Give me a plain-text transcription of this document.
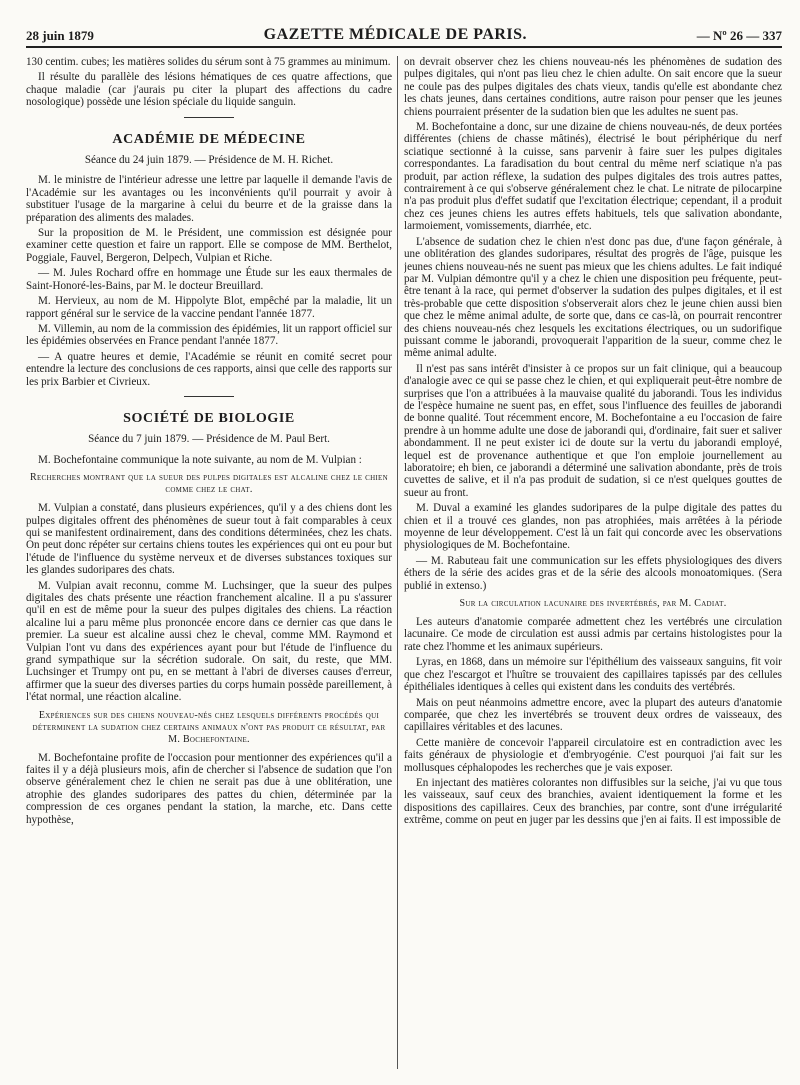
28 juin 1879	GAZETTE MÉDICALE DE PARIS.	— Nº 26 — 337

130 centim. cubes; les matières solides du sérum sont à 75 grammes au minimum.

Il résulte du parallèle des lésions hématiques de ces quatre affections, que chaque maladie (car j'aurais pu citer la plupart des affections du cadre nosologique) possède une lésion spéciale du liquide sanguin.

ACADÉMIE DE MÉDECINE

Séance du 24 juin 1879. — Présidence de M. H. Richet.

M. le ministre de l'intérieur adresse une lettre par laquelle il demande l'avis de l'Académie sur les avantages ou les inconvénients qu'il pourrait y avoir à substituer l'usage de la margarine à celui du beurre et de la graisse dans la préparation des aliments des malades.

Sur la proposition de M. le Président, une commission est désignée pour examiner cette question et faire un rapport. Elle se compose de MM. Berthelot, Poggiale, Fauvel, Bergeron, Delpech, Vulpian et Riche.

— M. Jules Rochard offre en hommage une Étude sur les eaux thermales de Saint-Honoré-les-Bains, par M. le docteur Breuillard.

M. Hervieux, au nom de M. Hippolyte Blot, empêché par la maladie, lit un rapport général sur le service de la vaccine pendant l'année 1877.

M. Villemin, au nom de la commission des épidémies, lit un rapport officiel sur les épidémies observées en France pendant l'année 1877.

— A quatre heures et demie, l'Académie se réunit en comité secret pour entendre la lecture des conclusions de ces rapports, ainsi que celle des rapports sur les prix Barbier et Civrieux.

SOCIÉTÉ DE BIOLOGIE

Séance du 7 juin 1879. — Présidence de M. Paul Bert.

M. Bochefontaine communique la note suivante, au nom de M. Vulpian :

Recherches montrant que la sueur des pulpes digitales est alcaline chez le chien comme chez le chat.

M. Vulpian a constaté, dans plusieurs expériences, qu'il y a des chiens dont les pulpes digitales offrent des phénomènes de sueur tout à fait comparables à ceux qui se manifestent ordinairement, dans des conditions déterminées, chez les chats. On peut donc répéter sur certains chiens toutes les expériences qui ont eu pour but l'étude de l'influence du système nerveux et de diverses substances toxiques sur les glandes sudoripares des chats.

M. Vulpian avait reconnu, comme M. Luchsinger, que la sueur des pulpes digitales des chats présente une réaction franchement alcaline. Il a pu s'assurer qu'il en est de même pour la sueur des pulpes digitales des chiens. La réaction alcaline lui a paru même plus prononcée encore dans ce dernier cas que dans le premier. La sueur est alcaline aussi chez le cheval, comme MM. Raymond et Vulpian l'ont vu dans des expériences ayant pour but l'étude de l'influence du grand sympathique sur la sécrétion sudorale. On sait, du reste, que MM. Luchsinger et Trumpy ont pu, en se mettant à l'abri de diverses causes d'erreur, affirmer que la sueur des diverses parties du corps humain possède pareillement, à l'état normal, une réaction alcaline.

Expériences sur des chiens nouveau-nés chez lesquels différents procédés qui déterminent la sudation chez certains animaux n'ont pas produit ce résultat, par M. Bochefontaine.

M. Bochefontaine profite de l'occasion pour mentionner des expériences qu'il a faites il y a déjà plusieurs mois, afin de chercher si l'absence de sudation que l'on observe généralement chez le chien ne serait pas due à une oblitération, une atrophie des glandes sudoripares des pattes du chien, déterminée par la compression de ces organes pendant la station, la marche, etc. Dans cette hypothèse,

on devrait observer chez les chiens nouveau-nés les phénomènes de sudation des pulpes digitales, qui n'ont pas lieu chez le chien adulte. On sait encore que la sueur ne coule pas des pulpes digitales des chats vieux, tandis qu'elle est abondante chez les chats jeunes, dans certaines conditions, autre raison pour penser que les jeunes chiens pourraient présenter de la sudation bien que les adultes ne suent pas.

M. Bochefontaine a donc, sur une dizaine de chiens nouveau-nés, de deux portées différentes (chiens de chasse mâtinés), électrisé le bout périphérique du nerf sciatique sectionné à la cuisse, sans parvenir à faire suer les pulpes digitales correspondantes. La faradisation du bout central du même nerf sciatique n'a pas produit, par action réflexe, la sudation des pulpes digitales des trois autres pattes, contrairement à ce qui s'observe généralement chez le chat. Le nitrate de pilocarpine n'a pas produit plus d'effet sudatif que l'excitation électrique; cependant, il a produit chez ces jeunes chiens les autres effets habituels, tels que salivation abondante, larmoiement, vomissements, diarrhée, etc.

L'absence de sudation chez le chien n'est donc pas due, d'une façon générale, à une oblitération des glandes sudoripares, résultat des progrès de l'âge, puisque les jeunes chiens nouveau-nés ne suent pas mieux que les chiens adultes. Le fait indiqué par M. Vulpian démontre qu'il y a chez le chien une disposition peu fréquente, peut-être tenant à la race, qui permet d'observer la sudation des pulpes digitales, et il est très-probable que cette disposition s'observerait alors chez le jeune chien aussi bien que chez le même animal adulte, de sorte que, dans ce cas-là, on pourrait rencontrer des chiens nouveau-nés chez lesquels les excitations électriques, ou un sudorifique puissant comme le jaborandi, provoquerait l'apparition de la sueur, comme chez le même animal adulte.

Il n'est pas sans intérêt d'insister à ce propos sur un fait clinique, qui a beaucoup d'analogie avec ce qui se passe chez le chien, et qui expliquerait peut-être nombre de surprises que l'on a attribuées à la mauvaise qualité du jaborandi. Tous les individus de l'espèce humaine ne suent pas, en effet, sous l'influence des feuilles de jaborandi de bonne qualité. Tout récemment encore, M. Bochefontaine a eu l'occasion de faire prendre à un homme adulte une dose de jaborandi qui, d'ordinaire, fait suer et saliver abondamment. Il ne peut exister ici de doute sur la vertu du jaborandi employé, lequel est de provenance authentique et que l'on emploie journellement au laboratoire; eh bien, ce jaborandi a déterminé une salivation abondante, près de trois cuvettes de salive, et il n'a pas produit de sudation, si ce n'est quelques gouttes de sueur au front.

M. Duval a examiné les glandes sudoripares de la pulpe digitale des pattes du chien et il a trouvé ces glandes, non pas atrophiées, mais arrêtées à la période moyenne de leur développement. C'est là un fait qui concorde avec les observations physiologiques de M. Bochefontaine.

— M. Rabuteau fait une communication sur les effets physiologiques des divers éthers de la série des acides gras et de la série des alcools monoatomiques. (Sera publié in extenso.)

Sur la circulation lacunaire des invertébrés, par M. Cadiat.

Les auteurs d'anatomie comparée admettent chez les vertébrés une circulation lacunaire. Ce mode de circulation est aussi admis par certains histologistes pour la rate chez l'homme et les animaux supérieurs.

Lyras, en 1868, dans un mémoire sur l'épithélium des vaisseaux sanguins, fit voir que chez l'escargot et l'huître se trouvaient des capillaires tapissés par des cellules épithéliales identiques à celles qui existent dans les conduits des vertébrés.

Mais on peut néanmoins admettre encore, avec la plupart des auteurs d'anatomie comparée, que chez les invertébrés se trouvent deux ordres de vaisseaux, des capillaires véritables et des lacunes.

Cette manière de concevoir l'appareil circulatoire est en contradiction avec les faits généraux de physiologie et d'embryogénie. C'est pourquoi j'ai fait sur les mollusques céphalopodes les recherches que je vais exposer.

En injectant des matières colorantes non diffusibles sur la seiche, j'ai vu que tous les vaisseaux, sauf ceux des branchies, avaient identiquement la forme et les dispositions des capillaires. Ceux des branchies, par contre, sont d'une irrégularité extrême, comme on peut en juger par les dessins que j'en ai faits. Il est impossible de
